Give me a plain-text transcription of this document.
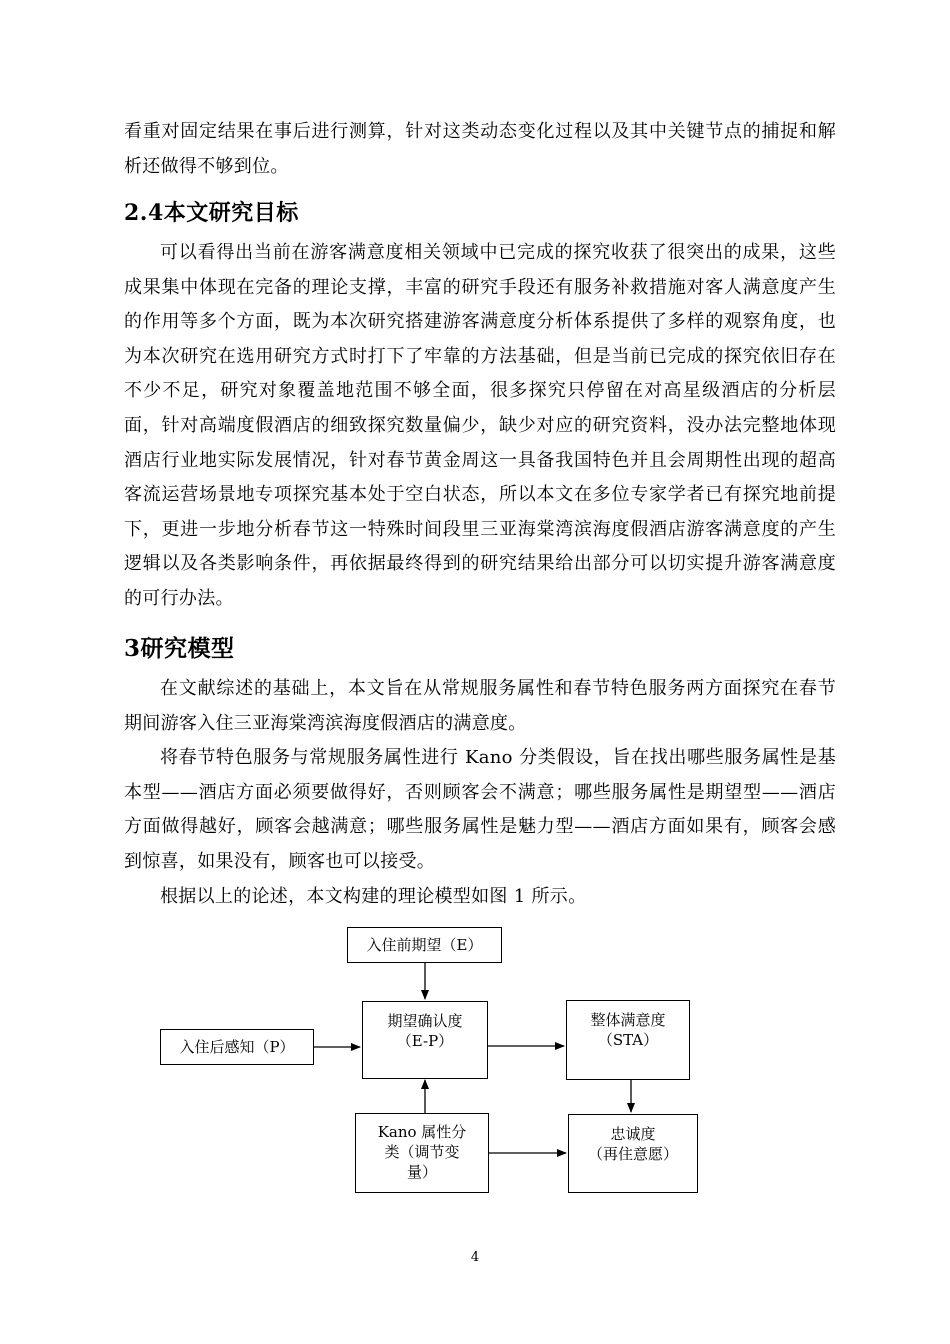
看重对固定结果在事后进行测算，针对这类动态变化过程以及其中关键节点的捕捉和解析还做得不够到位。
2.4本文研究目标
可以看得出当前在游客满意度相关领域中已完成的探究收获了很突出的成果，这些成果集中体现在完备的理论支撑，丰富的研究手段还有服务补救措施对客人满意度产生的作用等多个方面，既为本次研究搭建游客满意度分析体系提供了多样的观察角度，也为本次研究在选用研究方式时打下了牢靠的方法基础，但是当前已完成的探究依旧存在不少不足，研究对象覆盖地范围不够全面，很多探究只停留在对高星级酒店的分析层面，针对高端度假酒店的细致探究数量偏少，缺少对应的研究资料，没办法完整地体现酒店行业地实际发展情况，针对春节黄金周这一具备我国特色并且会周期性出现的超高客流运营场景地专项探究基本处于空白状态，所以本文在多位专家学者已有探究地前提下，更进一步地分析春节这一特殊时间段里三亚海棠湾滨海度假酒店游客满意度的产生逻辑以及各类影响条件，再依据最终得到的研究结果给出部分可以切实提升游客满意度的可行办法。
3研究模型
在文献综述的基础上，本文旨在从常规服务属性和春节特色服务两方面探究在春节期间游客入住三亚海棠湾滨海度假酒店的满意度。
将春节特色服务与常规服务属性进行 Kano 分类假设，旨在找出哪些服务属性是基本型——酒店方面必须要做得好，否则顾客会不满意；哪些服务属性是期望型——酒店方面做得越好，顾客会越满意；哪些服务属性是魅力型——酒店方面如果有，顾客会感到惊喜，如果没有，顾客也可以接受。
根据以上的论述，本文构建的理论模型如图 1 所示。
入住前期望（E）
入住后感知（P）
期望确认度
（E-P）
整体满意度
（STA）
Kano 属性分
类（调节变
量）
忠诚度
（再住意愿）
4
